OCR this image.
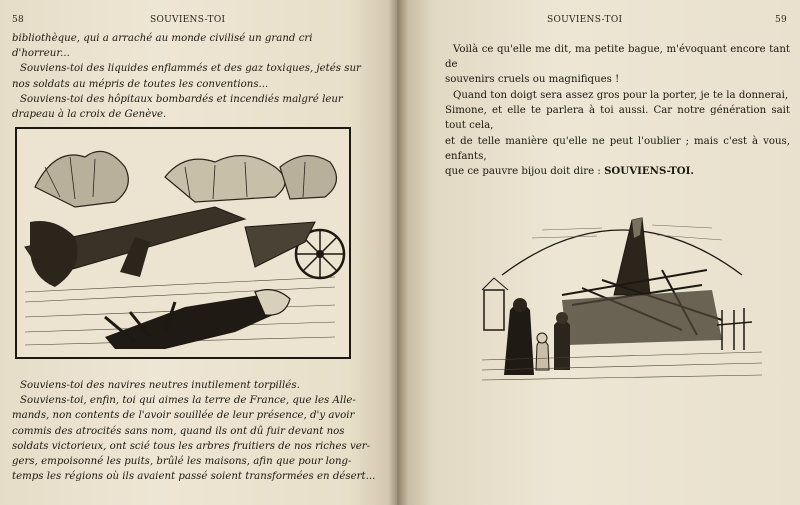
58	SOUVIENS-TOI
bibliothèque, qui a arraché au monde civilisé un grand cri
d'horreur...
Souviens-toi des liquides enflammés et des gaz toxiques, jetés sur
nos soldats au mépris de toutes les conventions...
Souviens-toi des hôpitaux bombardés et incendiés malgré leur
drapeau à la croix de Genève.
Souviens-toi des navires neutres inutilement torpillés.
Souviens-toi, enfin, toi qui aimes la terre de France, que les Alle-
mands, non contents de l'avoir souillée de leur présence, d'y avoir
commis des atrocités sans nom, quand ils ont dû fuir devant nos
soldats victorieux, ont scié tous les arbres fruitiers de nos riches ver-
gers, empoisonné les puits, brûlé les maisons, afin que pour long-
temps les régions où ils avaient passé soient transformées en désert...
SOUVIENS-TOI	59
Voilà ce qu'elle me dit, ma petite bague, m'évoquant encore tant de
souvenirs cruels ou magnifiques !
Quand ton doigt sera assez gros pour la porter, je te la donnerai,
Simone, et elle te parlera à toi aussi. Car notre génération sait tout cela,
et de telle manière qu'elle ne peut l'oublier ; mais c'est à vous, enfants,
que ce pauvre bijou doit dire : SOUVIENS-TOI.
